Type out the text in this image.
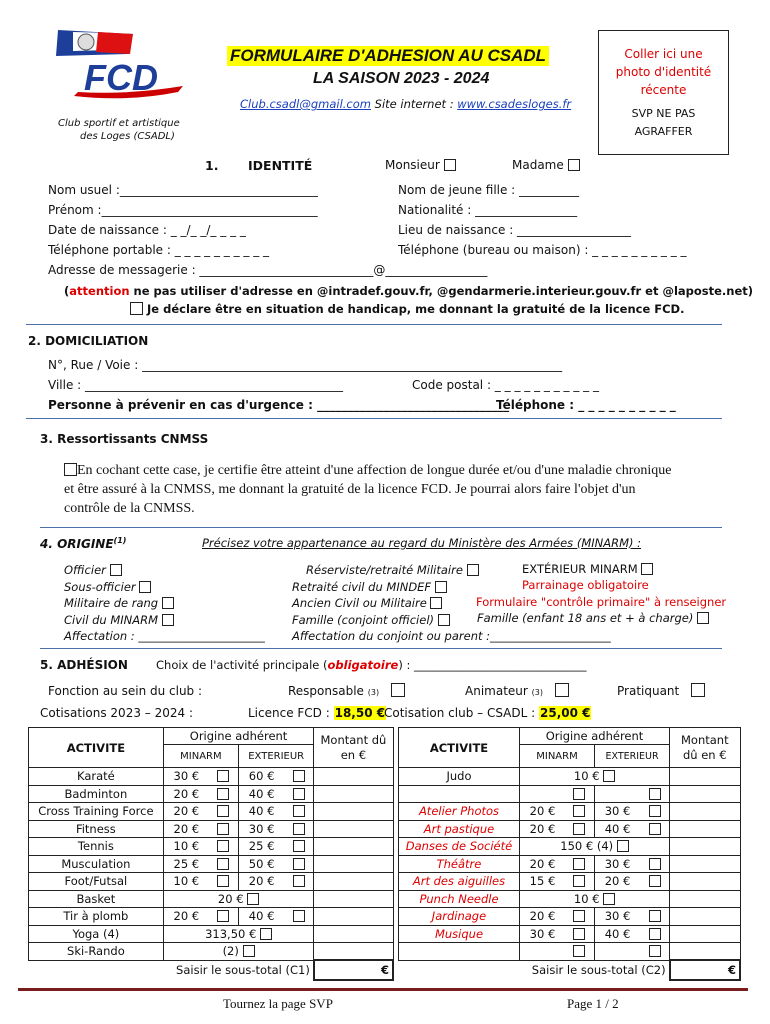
FCD
Club sportif et artistique
des Loges (CSADL)
FORMULAIRE D'ADHESION AU CSADL
LA SAISON 2023 - 2024
Club.csadl@gmail.com Site internet : www.csadesloges.fr
Coller ici une
photo d'identité
récente
SVP NE PAS
AGRAFFER
1. IDENTITÉ	Monsieur	Madame
Nom usuel :_________________________________	Nom de jeune fille : __________
Prénom :____________________________________	Nationalité : _________________
Date de naissance : _ _/_ _/_ _ _ _	Lieu de naissance : ___________________
Téléphone portable : _ _ _ _ _ _ _ _ _ _	Téléphone (bureau ou maison) : _ _ _ _ _ _ _ _ _ _
Adresse de messagerie : _____________________________@_________________
(attention ne pas utiliser d'adresse en @intradef.gouv.fr, @gendarmerie.interieur.gouv.fr et @laposte.net)
Je déclare être en situation de handicap, me donnant la gratuité de la licence FCD.
2. DOMICILIATION
N°, Rue / Voie : ______________________________________________________________________
Ville : ___________________________________________	Code postal : _ _ _ _ _ _ _ _ _ _ _
Personne à prévenir en cas d'urgence : ________________________________
Téléphone : _ _ _ _ _ _ _ _ _ _
3. Ressortissants CNMSS
En cochant cette case, je certifie être atteint d'une affection de longue durée et/ou d'une maladie chronique
et être assuré à la CNMSS, me donnant la gratuité de la licence FCD. Je pourrai alors faire l'objet d'un
contrôle de la CNMSS.
4. ORIGINE$^{(1)}$	Précisez votre appartenance au regard du Ministère des Armées (MINARM) :
Officier
Sous-officier
Militaire de rang
Civil du MINARM
Affectation : ______________________
Réserviste/retraité Militaire
Retraité civil du MINDEF
Ancien Civil ou Militaire
Famille (conjoint officiel)
Affectation du conjoint ou parent :_____________________
EXTÉRIEUR MINARM
Parrainage obligatoire
Formulaire "contrôle primaire" à renseigner
Famille (enfant 18 ans et + à charge)
5. ADHÉSION Choix de l'activité principale (obligatoire) : ______________________________
Fonction au sein du club :	Responsable (3)	Animateur (3)	Pratiquant
Cotisations 2023 – 2024 :	Licence FCD : 18,50 €
Cotisation club – CSADL : 25,00 €
ACTIVITE	Origine adhérent				Montant dû en €
	MINARM		EXTERIEUR		
Karaté	30 €		60 €		
Badminton	20 €		40 €		
Cross Training Force	20 €		40 €		
Fitness	20 €		30 €		
Tennis	10 €		25 €		
Musculation	25 €		50 €		
Foot/Futsal	10 €		20 €		
Basket	20 €				
Tir à plomb	20 €		40 €		
Yoga (4)	313,50 €				
Ski-Rando	(2)				
	Saisir le sous-total (C1)				€
ACTIVITE	Origine adhérent				Montant dû en €
	MINARM		EXTERIEUR		
Judo	10 €				

Atelier Photos	20 €		30 €		
Art pastique	20 €		40 €		
Danses de Société	150 € (4)				
Théâtre	20 €		30 €		
Art des aiguilles	15 €		20 €		
Punch Needle	10 €				
Jardinage	20 €		30 €		
Musique	30 €		40 €		

	Saisir le sous-total (C2)				€
Tournez la page SVP	Page 1 / 2
